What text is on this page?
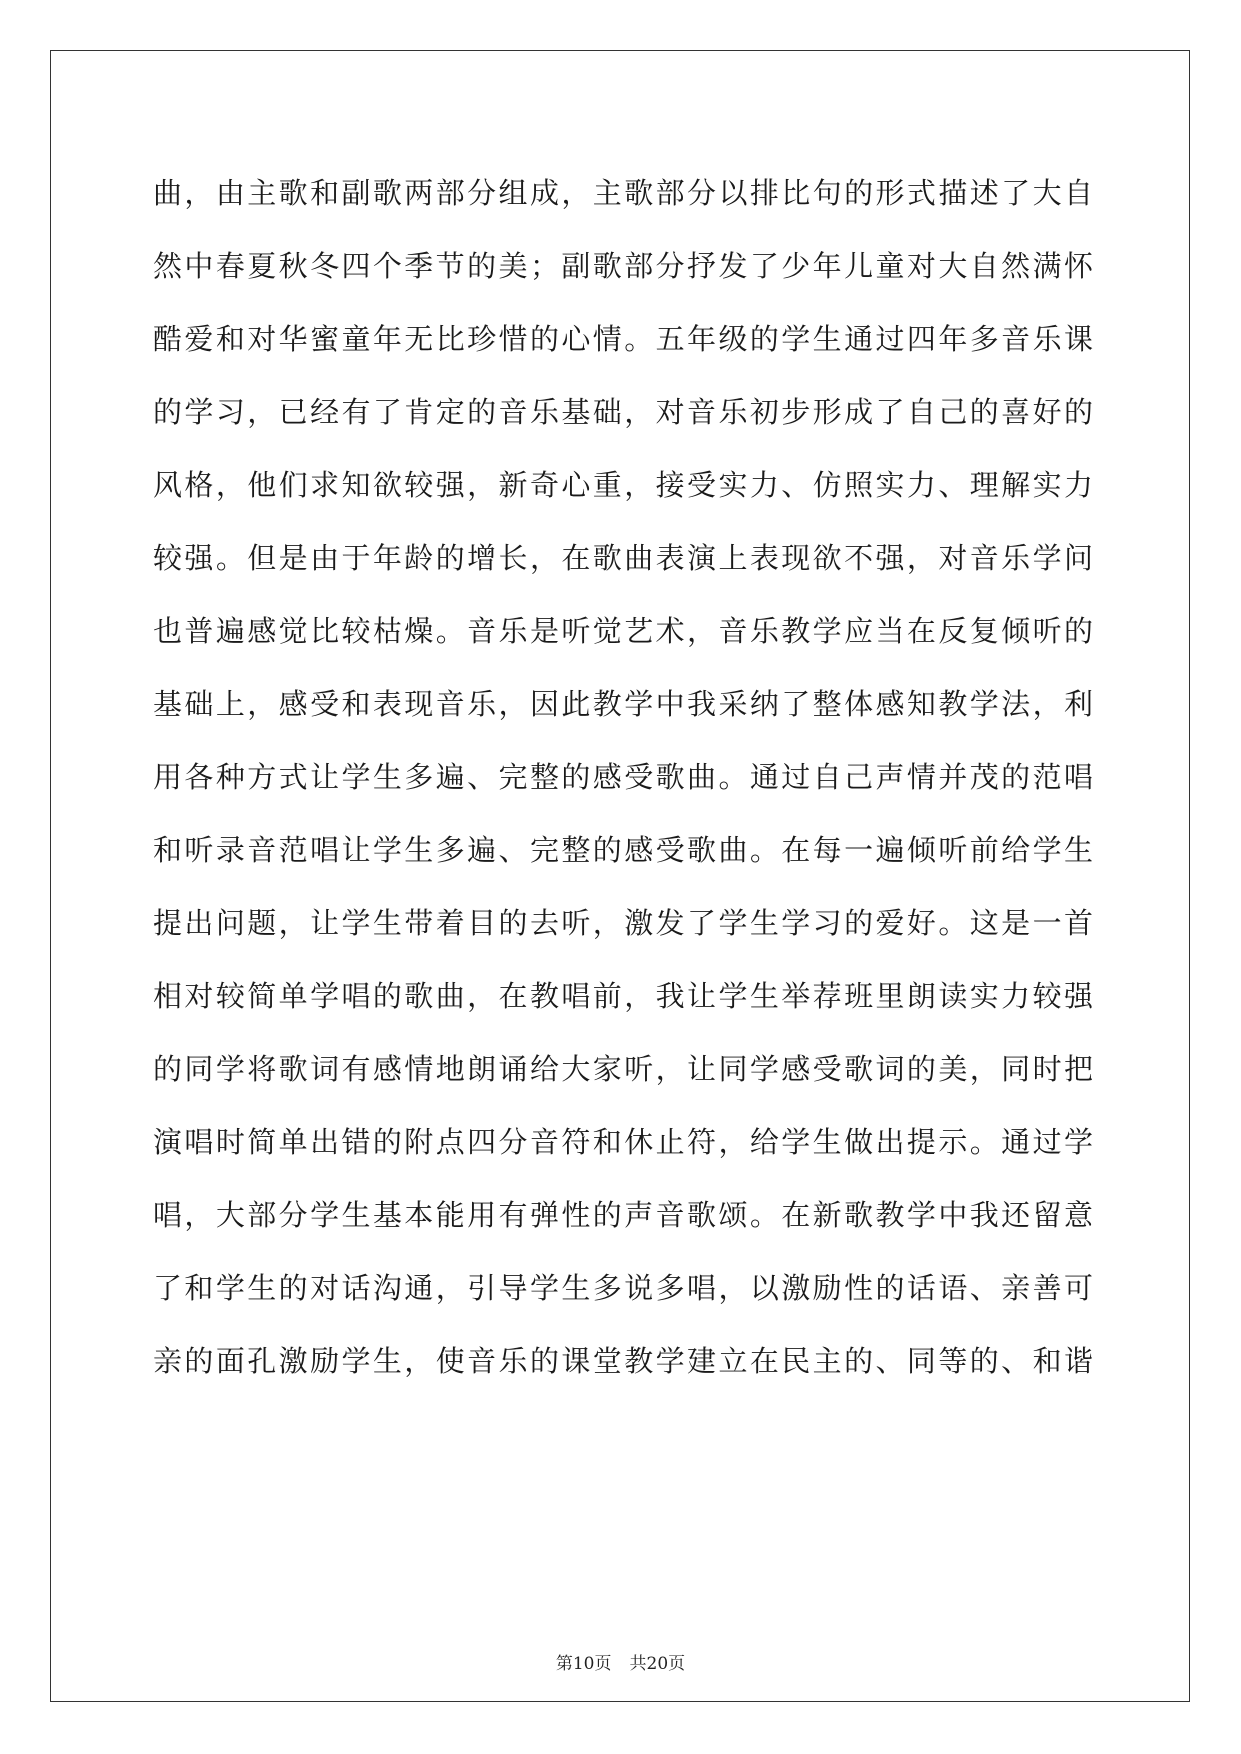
曲，由主歌和副歌两部分组成，主歌部分以排比句的形式描述了大自
然中春夏秋冬四个季节的美；副歌部分抒发了少年儿童对大自然满怀
酷爱和对华蜜童年无比珍惜的心情。五年级的学生通过四年多音乐课
的学习，已经有了肯定的音乐基础，对音乐初步形成了自己的喜好的
风格，他们求知欲较强，新奇心重，接受实力、仿照实力、理解实力
较强。但是由于年龄的增长，在歌曲表演上表现欲不强，对音乐学问
也普遍感觉比较枯燥。音乐是听觉艺术，音乐教学应当在反复倾听的
基础上，感受和表现音乐，因此教学中我采纳了整体感知教学法，利
用各种方式让学生多遍、完整的感受歌曲。通过自己声情并茂的范唱
和听录音范唱让学生多遍、完整的感受歌曲。在每一遍倾听前给学生
提出问题，让学生带着目的去听，激发了学生学习的爱好。这是一首
相对较简单学唱的歌曲，在教唱前，我让学生举荐班里朗读实力较强
的同学将歌词有感情地朗诵给大家听，让同学感受歌词的美，同时把
演唱时简单出错的附点四分音符和休止符，给学生做出提示。通过学
唱，大部分学生基本能用有弹性的声音歌颂。在新歌教学中我还留意
了和学生的对话沟通，引导学生多说多唱，以激励性的话语、亲善可
亲的面孔激励学生，使音乐的课堂教学建立在民主的、同等的、和谐
第10页 共20页
